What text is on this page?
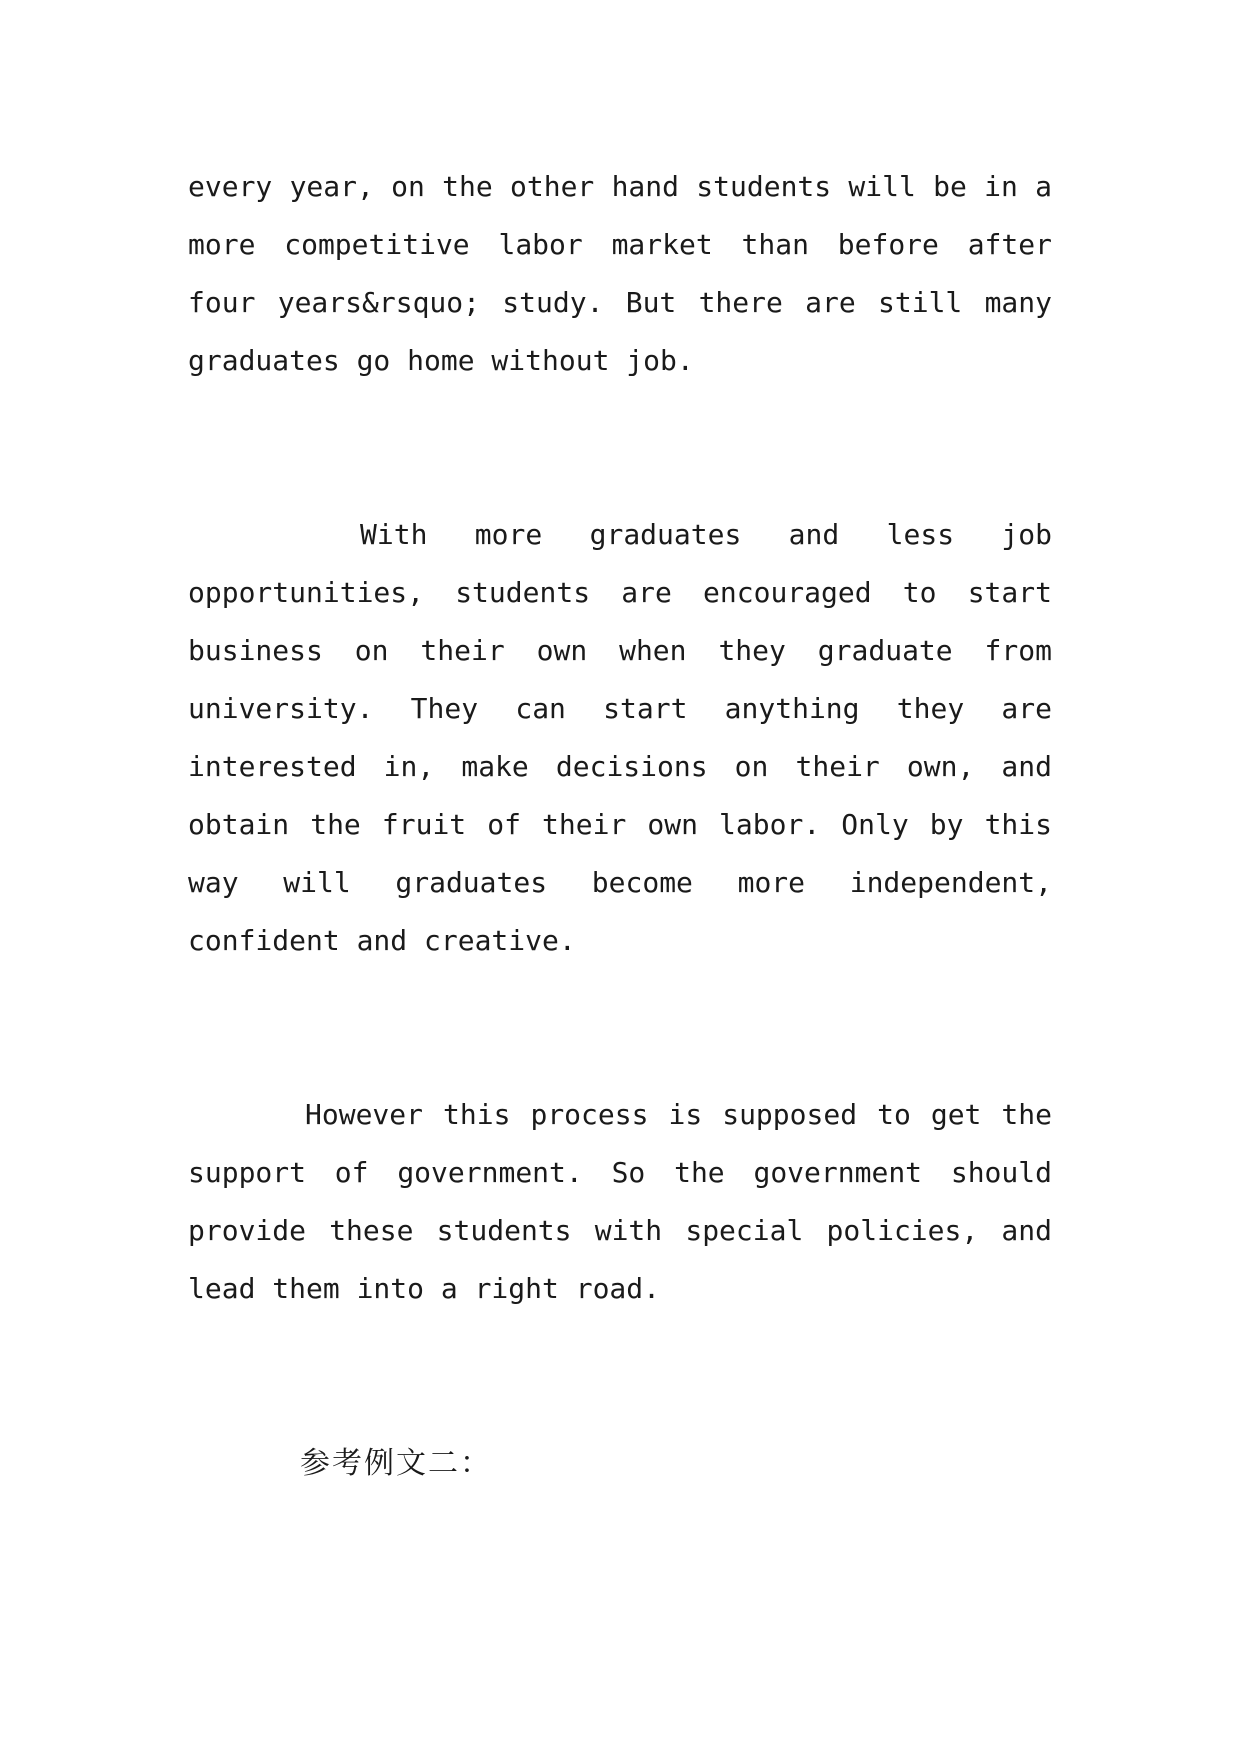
every year, on the other hand students will be in a
more competitive labor market than before after
four years&rsquo; study. But there are still many
graduates go home without job.
With more graduates and less job
opportunities, students are encouraged to start
business on their own when they graduate from
university. They can start anything they are
interested in, make decisions on their own, and
obtain the fruit of their own labor. Only by this
way will graduates become more independent,
confident and creative.
However this process is supposed to get the
support of government. So the government should
provide these students with special policies, and
lead them into a right road.
参考例文二：
